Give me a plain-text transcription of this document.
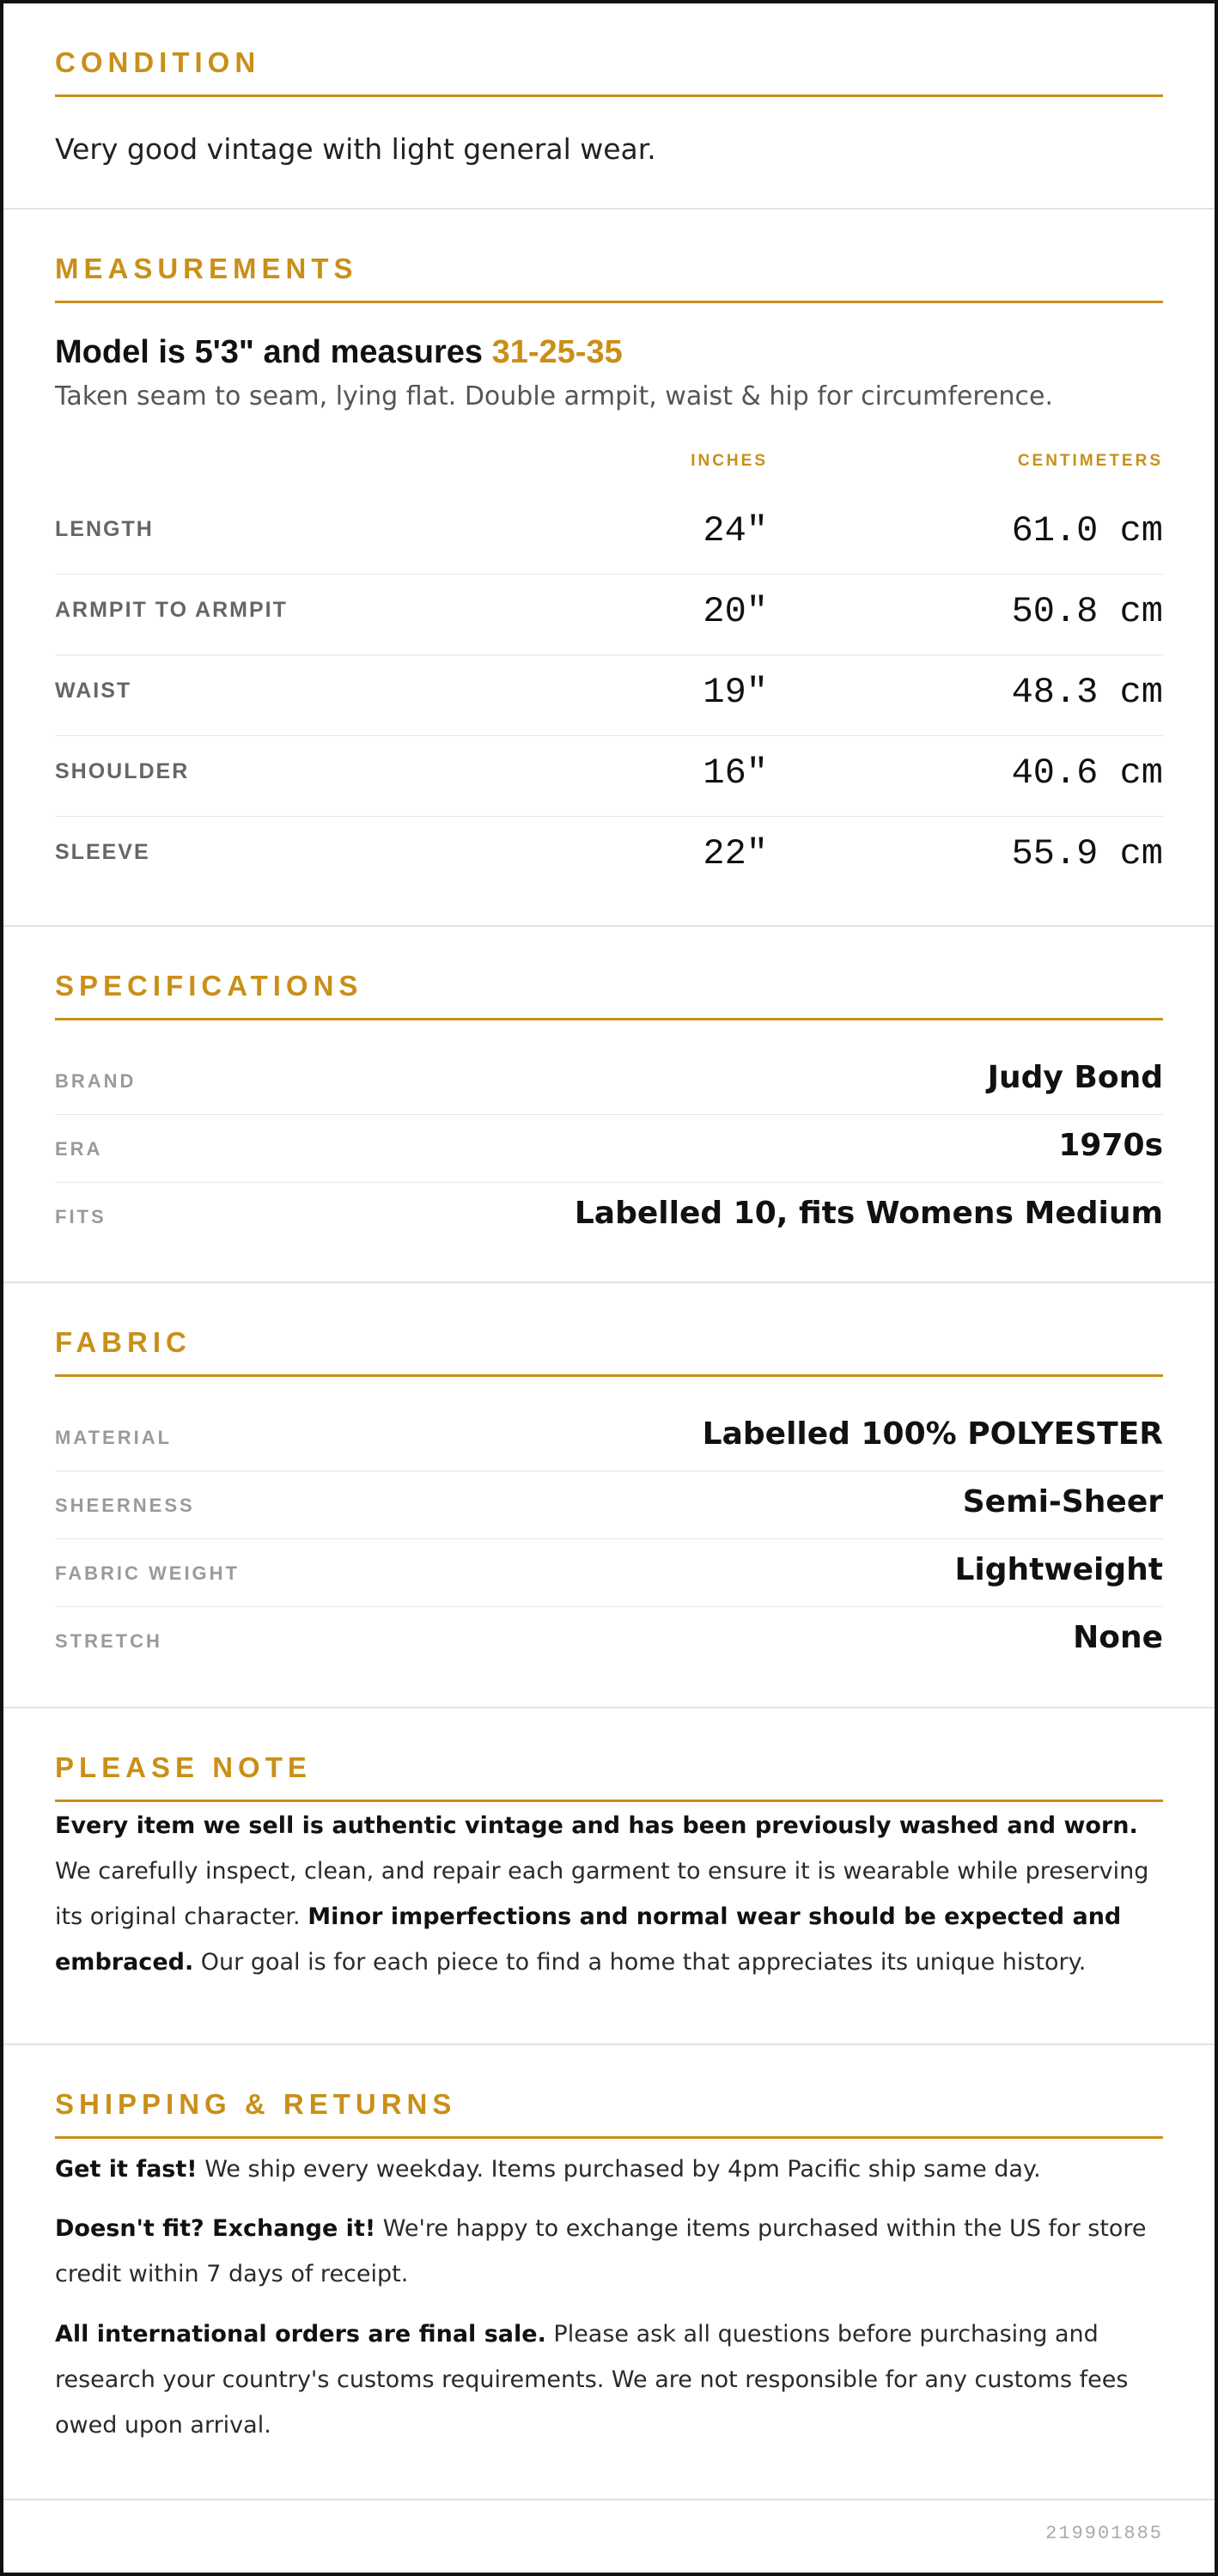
CONDITION
Very good vintage with light general wear.
MEASUREMENTS
Model is 5'3" and measures 31-25-35
Taken seam to seam, lying flat. Double armpit, waist & hip for circumference.
INCHES	CENTIMETERS
LENGTH	24"	61.0 cm
ARMPIT TO ARMPIT	20"	50.8 cm
WAIST	19"	48.3 cm
SHOULDER	16"	40.6 cm
SLEEVE	22"	55.9 cm
SPECIFICATIONS
BRAND	Judy Bond
ERA	1970s
FITS	Labelled 10, fits Womens Medium
FABRIC
MATERIAL	Labelled 100% POLYESTER
SHEERNESS	Semi-Sheer
FABRIC WEIGHT	Lightweight
STRETCH	None
PLEASE NOTE

Every item we sell is authentic vintage and has been previously washed and worn. We carefully inspect, clean, and repair each garment to ensure it is wearable while preserving its original character. Minor imperfections and normal wear should be expected and embraced. Our goal is for each piece to find a home that appreciates its unique history.

SHIPPING & RETURNS

Get it fast! We ship every weekday. Items purchased by 4pm Pacific ship same day.

Doesn't fit? Exchange it! We're happy to exchange items purchased within the US for store credit within 7 days of receipt.

All international orders are final sale. Please ask all questions before purchasing and research your country's customs requirements. We are not responsible for any customs fees owed upon arrival.

219901885
